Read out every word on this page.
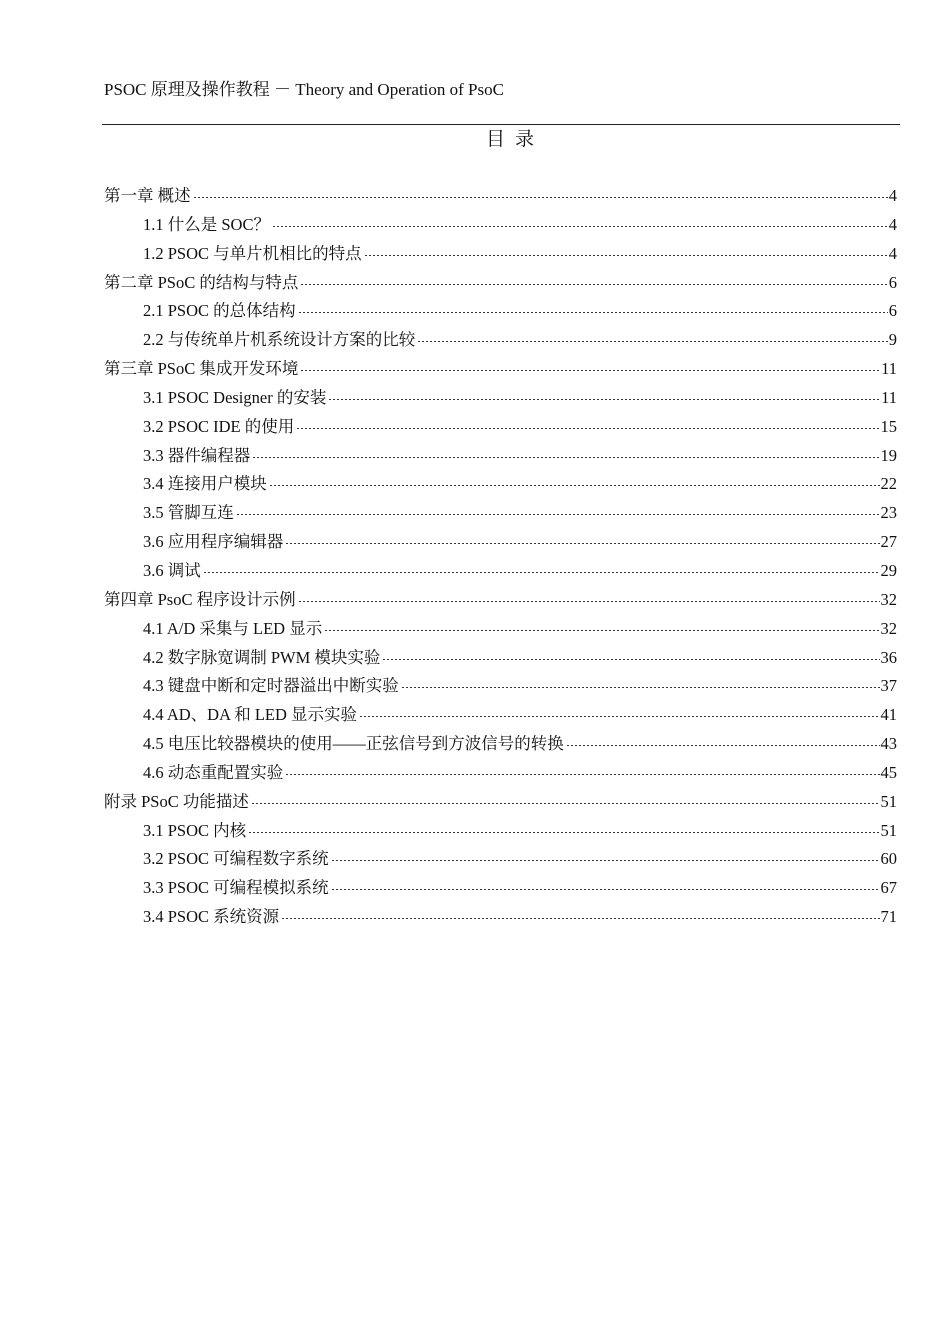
PSOC 原理及操作教程 － Theory and Operation of PsoC
目录
第一章 概述	4
1.1 什么是 SOC？	4
1.2 PSOC 与单片机相比的特点	4
第二章 PSoC 的结构与特点	6
2.1 PSOC 的总体结构	6
2.2 与传统单片机系统设计方案的比较	9
第三章 PSoC 集成开发环境	11
3.1 PSOC Designer 的安装	11
3.2 PSOC IDE 的使用	15
3.3 器件编程器	19
3.4 连接用户模块	22
3.5 管脚互连	23
3.6 应用程序编辑器	27
3.6 调试	29
第四章 PsoC 程序设计示例	32
4.1 A/D 采集与 LED 显示	32
4.2 数字脉宽调制 PWM 模块实验	36
4.3 键盘中断和定时器溢出中断实验	37
4.4 AD、DA 和 LED 显示实验	41
4.5 电压比较器模块的使用——正弦信号到方波信号的转换	43
4.6 动态重配置实验	45
附录 PSoC 功能描述	51
3.1 PSOC 内核	51
3.2 PSOC 可编程数字系统	60
3.3 PSOC 可编程模拟系统	67
3.4 PSOC 系统资源	71
